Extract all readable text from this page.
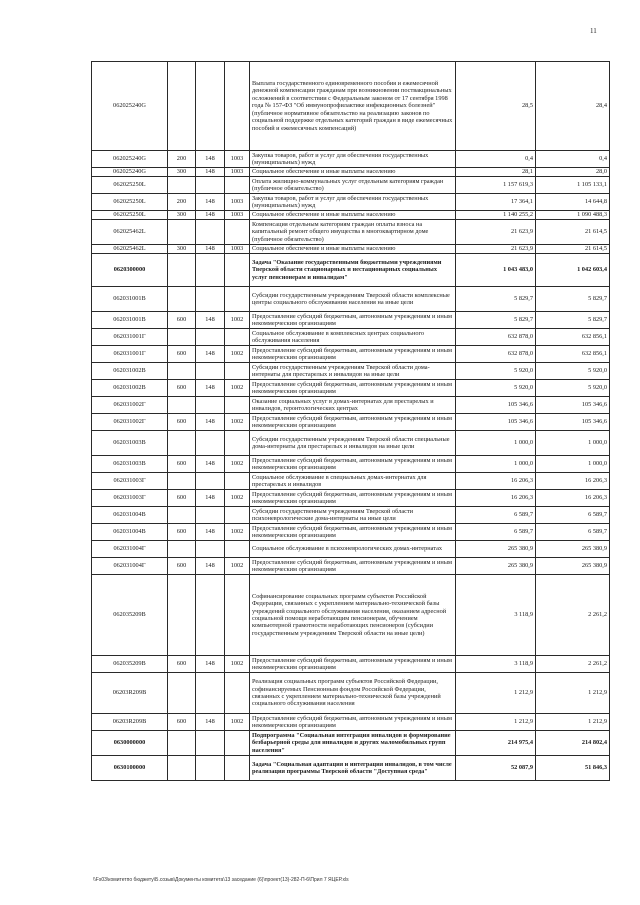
11
062025240G				Выплата государственного единовременного пособия и ежемесячной денежной компенсации гражданам при возникновении поствакцинальных осложнений в соответствии с Федеральным законом от 17 сентября 1998 года № 157-ФЗ "Об иммунопрофилактике инфекционных болезней" (публичное нормативное обязательство на реализацию законов по социальной поддержке отдельных категорий граждан в виде ежемесячных пособий и ежемесячных компенсаций)	28,5	28,4
062025240G	200	148	1003	Закупка товаров, работ и услуг для обеспечения государственных (муниципальных) нужд	0,4	0,4
062025240G	300	148	1003	Социальное обеспечение и иные выплаты населению	28,1	28,0
062025250L				Оплата жилищно-коммунальных услуг отдельным категориям граждан (публичное обязательство)	1 157 619,3	1 105 133,1
062025250L	200	148	1003	Закупка товаров, работ и услуг для обеспечения государственных (муниципальных) нужд	17 364,1	14 644,8
062025250L	300	148	1003	Социальное обеспечение и иные выплаты населению	1 140 255,2	1 090 488,3
062025462L				Компенсация отдельным категориям граждан оплаты взноса на капитальный ремонт общего имущества в многоквартирном доме (публичное обязательство)	21 623,9	21 614,5
062025462L	300	148	1003	Социальное обеспечение и иные выплаты населению	21 623,9	21 614,5
0620300000				Задача "Оказание государственными бюджетными учреждениями Тверской области стационарных и нестационарных социальных услуг пенсионерам и инвалидам"	1 043 483,0	1 042 603,4
062031001В				Субсидии государственным учреждениям Тверской области комплексные центры социального обслуживания населения на иные цели	5 829,7	5 829,7
062031001В	600	148	1002	Предоставление субсидий бюджетным, автономным учреждениям и иным некоммерческим организациям	5 829,7	5 829,7
062031001Г				Социальное обслуживание в комплексных центрах социального обслуживания населения	632 878,0	632 856,1
062031001Г	600	148	1002	Предоставление субсидий бюджетным, автономным учреждениям и иным некоммерческим организациям	632 878,0	632 856,1
062031002В				Субсидии государственным учреждениям Тверской области дома-интернаты для престарелых и инвалидов на иные цели	5 920,0	5 920,0
062031002В	600	148	1002	Предоставление субсидий бюджетным, автономным учреждениям и иным некоммерческим организациям	5 920,0	5 920,0
062031002Г				Оказание социальных услуг в домах-интернатах для престарелых и инвалидов, геронтологических центрах	105 346,6	105 346,6
062031002Г	600	148	1002	Предоставление субсидий бюджетным, автономным учреждениям и иным некоммерческим организациям	105 346,6	105 346,6
062031003В				Субсидии государственным учреждениям Тверской области специальные дома-интернаты для престарелых и инвалидов на иные цели	1 000,0	1 000,0
062031003В	600	148	1002	Предоставление субсидий бюджетным, автономным учреждениям и иным некоммерческим организациям	1 000,0	1 000,0
062031003Г				Социальное обслуживание в специальных домах-интернатах для престарелых и инвалидов	16 206,3	16 206,3
062031003Г	600	148	1002	Предоставление субсидий бюджетным, автономным учреждениям и иным некоммерческим организациям	16 206,3	16 206,3
062031004В				Субсидии государственным учреждениям Тверской области психоневрологические дома-интернаты на иные цели	6 589,7	6 589,7
062031004В	600	148	1002	Предоставление субсидий бюджетным, автономным учреждениям и иным некоммерческим организациям	6 589,7	6 589,7
062031004Г				Социальное обслуживание в психоневрологических домах-интернатах	265 380,9	265 380,9
062031004Г	600	148	1002	Предоставление субсидий бюджетным, автономным учреждениям и иным некоммерческим организациям	265 380,9	265 380,9
062035209В				Софинансирование социальных программ субъектов Российской Федерации, связанных с укреплением материально-технической базы учреждений социального обслуживания населения, оказанием адресной социальной помощи неработающим пенсионерам, обучением компьютерной грамотности неработающих пенсионеров (субсидии государственным учреждениям Тверской области на иные цели)	3 118,9	2 261,2
062035209В	600	148	1002	Предоставление субсидий бюджетным, автономным учреждениям и иным некоммерческим организациям	3 118,9	2 261,2
06203R209В				Реализация социальных программ субъектов Российской Федерации, софинансируемых Пенсионным фондом Российской Федерации, связанных с укреплением материально-технической базы учреждений социального обслуживания населения	1 212,9	1 212,9
06203R209В	600	148	1002	Предоставление субсидий бюджетным, автономным учреждениям и иным некоммерческим организациям	1 212,9	1 212,9
0630000000				Подпрограмма "Социальная интеграция инвалидов и формирование безбарьерной среды для инвалидов и других маломобильных групп населения"	214 975,4	214 802,4
0630100000				Задача "Социальная адаптация и интеграция инвалидов, в том числе реализация программы Тверской области "Доступная среда"	52 087,9	51 846,3
\\Fs03\комитетпо бюджету\Б.созыв\Документы комитета\13 заседание (6)\проект(13)-282-П-6\Прил 7 ЯЦЕР.xls
